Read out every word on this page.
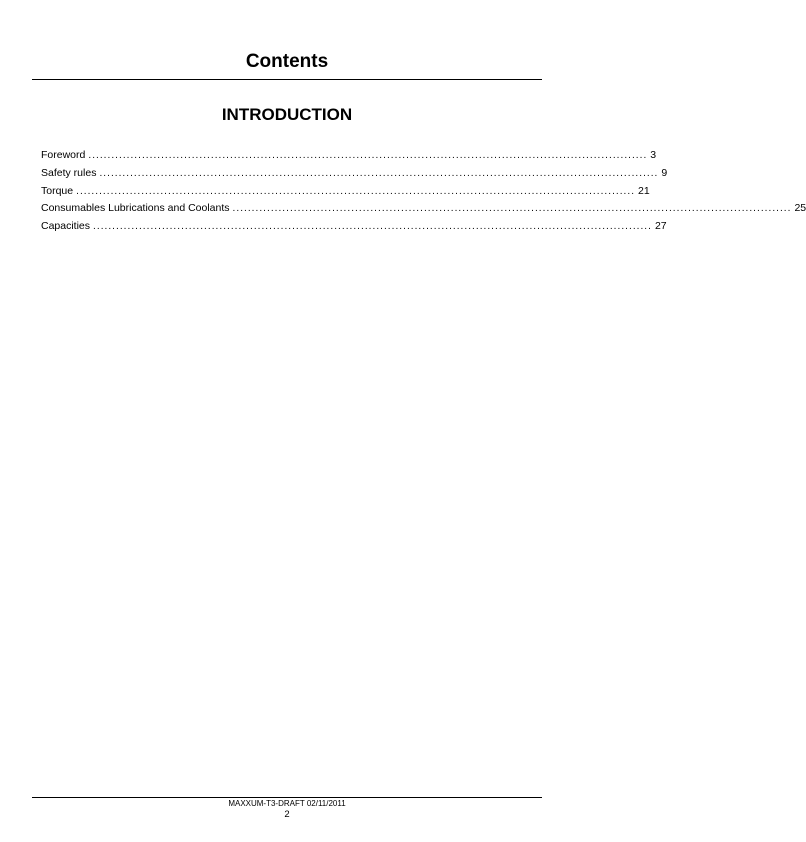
Contents
INTRODUCTION
Foreword .................................................................................................................................................. 3
Safety rules .................................................................................................................................................. 9
Torque .................................................................................................................................................. 21
Consumables Lubrications and Coolants .................................................................................................................................................. 25
Capacities .................................................................................................................................................. 27
MAXXUM-T3-DRAFT 02/11/2011
2
